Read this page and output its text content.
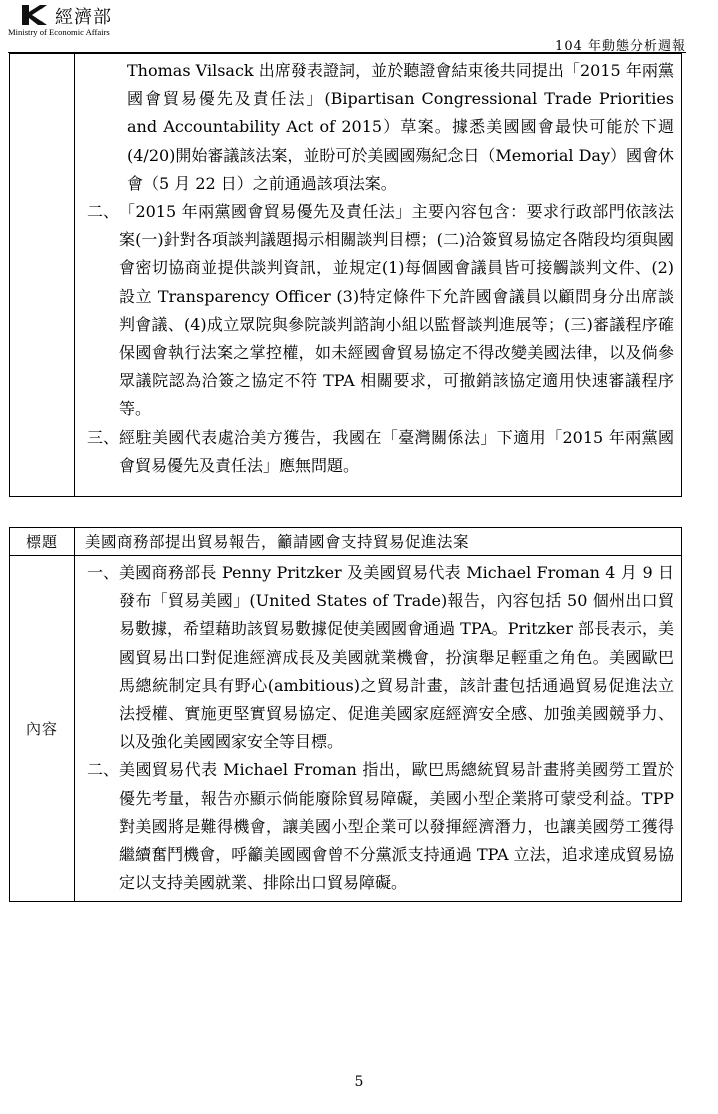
經濟部
Ministry of Economic Affairs
104 年動態分析週報

Thomas Vilsack 出席發表證詞，並於聽證會結束後共同提出「2015 年兩黨國會貿易優先及責任法」(Bipartisan Congressional Trade Priorities and Accountability Act of 2015）草案。據悉美國國會最快可能於下週(4/20)開始審議該法案，並盼可於美國國殤紀念日（Memorial Day）國會休會（5 月 22 日）之前通過該項法案。
二、 「2015 年兩黨國會貿易優先及責任法」主要內容包含：要求行政部門依該法案(一)針對各項談判議題揭示相關談判目標；(二)洽簽貿易協定各階段均須與國會密切協商並提供談判資訊，並規定(1)每個國會議員皆可接觸談判文件、(2)設立 Transparency Officer (3)特定條件下允許國會議員以顧問身分出席談判會議、(4)成立眾院與參院談判諮詢小組以監督談判進展等；(三)審議程序確保國會執行法案之掌控權，如未經國會貿易協定不得改變美國法律，以及倘參眾議院認為洽簽之協定不符 TPA 相關要求，可撤銷該協定適用快速審議程序等。
三、 經駐美國代表處洽美方獲告，我國在「臺灣關係法」下適用「2015 年兩黨國會貿易優先及責任法」應無問題。
標題	美國商務部提出貿易報告，籲請國會支持貿易促進法案
內容	一、 美國商務部長 Penny Pritzker 及美國貿易代表 Michael Froman 4 月 9 日發布「貿易美國」(United States of Trade)報告，內容包括 50 個州出口貿易數據，希望藉助該貿易數據促使美國國會通過 TPA。Pritzker 部長表示，美國貿易出口對促進經濟成長及美國就業機會，扮演舉足輕重之角色。美國歐巴馬總統制定具有野心(ambitious)之貿易計畫，該計畫包括通過貿易促進法立法授權、實施更堅實貿易協定、促進美國家庭經濟安全感、加強美國競爭力、以及強化美國國家安全等目標。
二、 美國貿易代表 Michael Froman 指出，歐巴馬總統貿易計畫將美國勞工置於優先考量，報告亦顯示倘能廢除貿易障礙，美國小型企業將可蒙受利益。TPP 對美國將是難得機會，讓美國小型企業可以發揮經濟潛力，也讓美國勞工獲得繼續奮鬥機會，呼籲美國國會曾不分黨派支持通過 TPA 立法，追求達成貿易協定以支持美國就業、排除出口貿易障礙。
5
